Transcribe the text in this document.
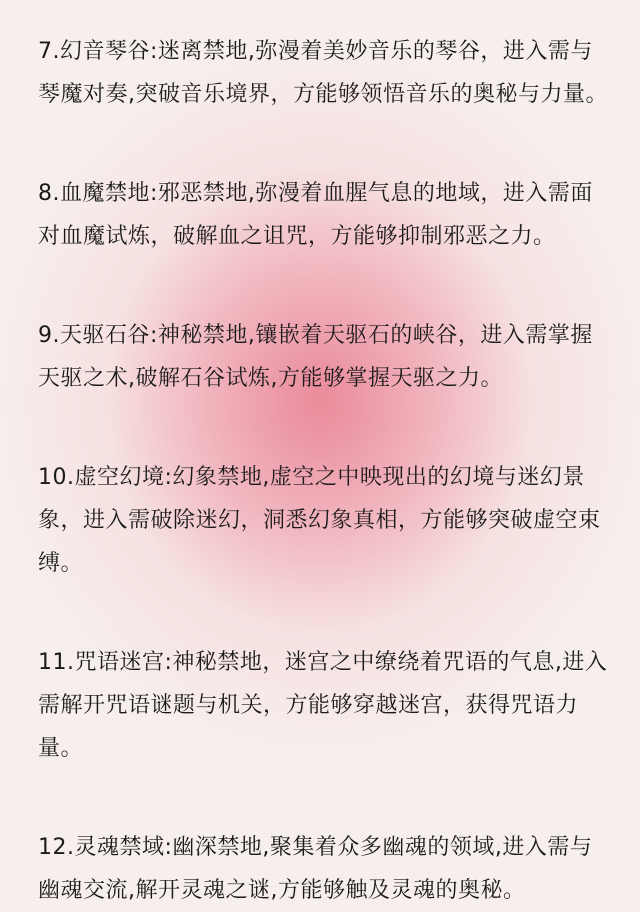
7.幻音琴谷:迷离禁地,弥漫着美妙音乐的琴谷，进入需与琴魔对奏,突破音乐境界，方能够领悟音乐的奥秘与力量。

8.血魔禁地:邪恶禁地,弥漫着血腥气息的地域，进入需面对血魔试炼，破解血之诅咒，方能够抑制邪恶之力。

9.天驱石谷:神秘禁地,镶嵌着天驱石的峡谷，进入需掌握天驱之术,破解石谷试炼,方能够掌握天驱之力。

10.虚空幻境:幻象禁地,虚空之中映现出的幻境与迷幻景象，进入需破除迷幻，洞悉幻象真相，方能够突破虚空束缚。

11.咒语迷宫:神秘禁地，迷宫之中缭绕着咒语的气息,进入需解开咒语谜题与机关，方能够穿越迷宫，获得咒语力量。

12.灵魂禁域:幽深禁地,聚集着众多幽魂的领域,进入需与幽魂交流,解开灵魂之谜,方能够触及灵魂的奥秘。
